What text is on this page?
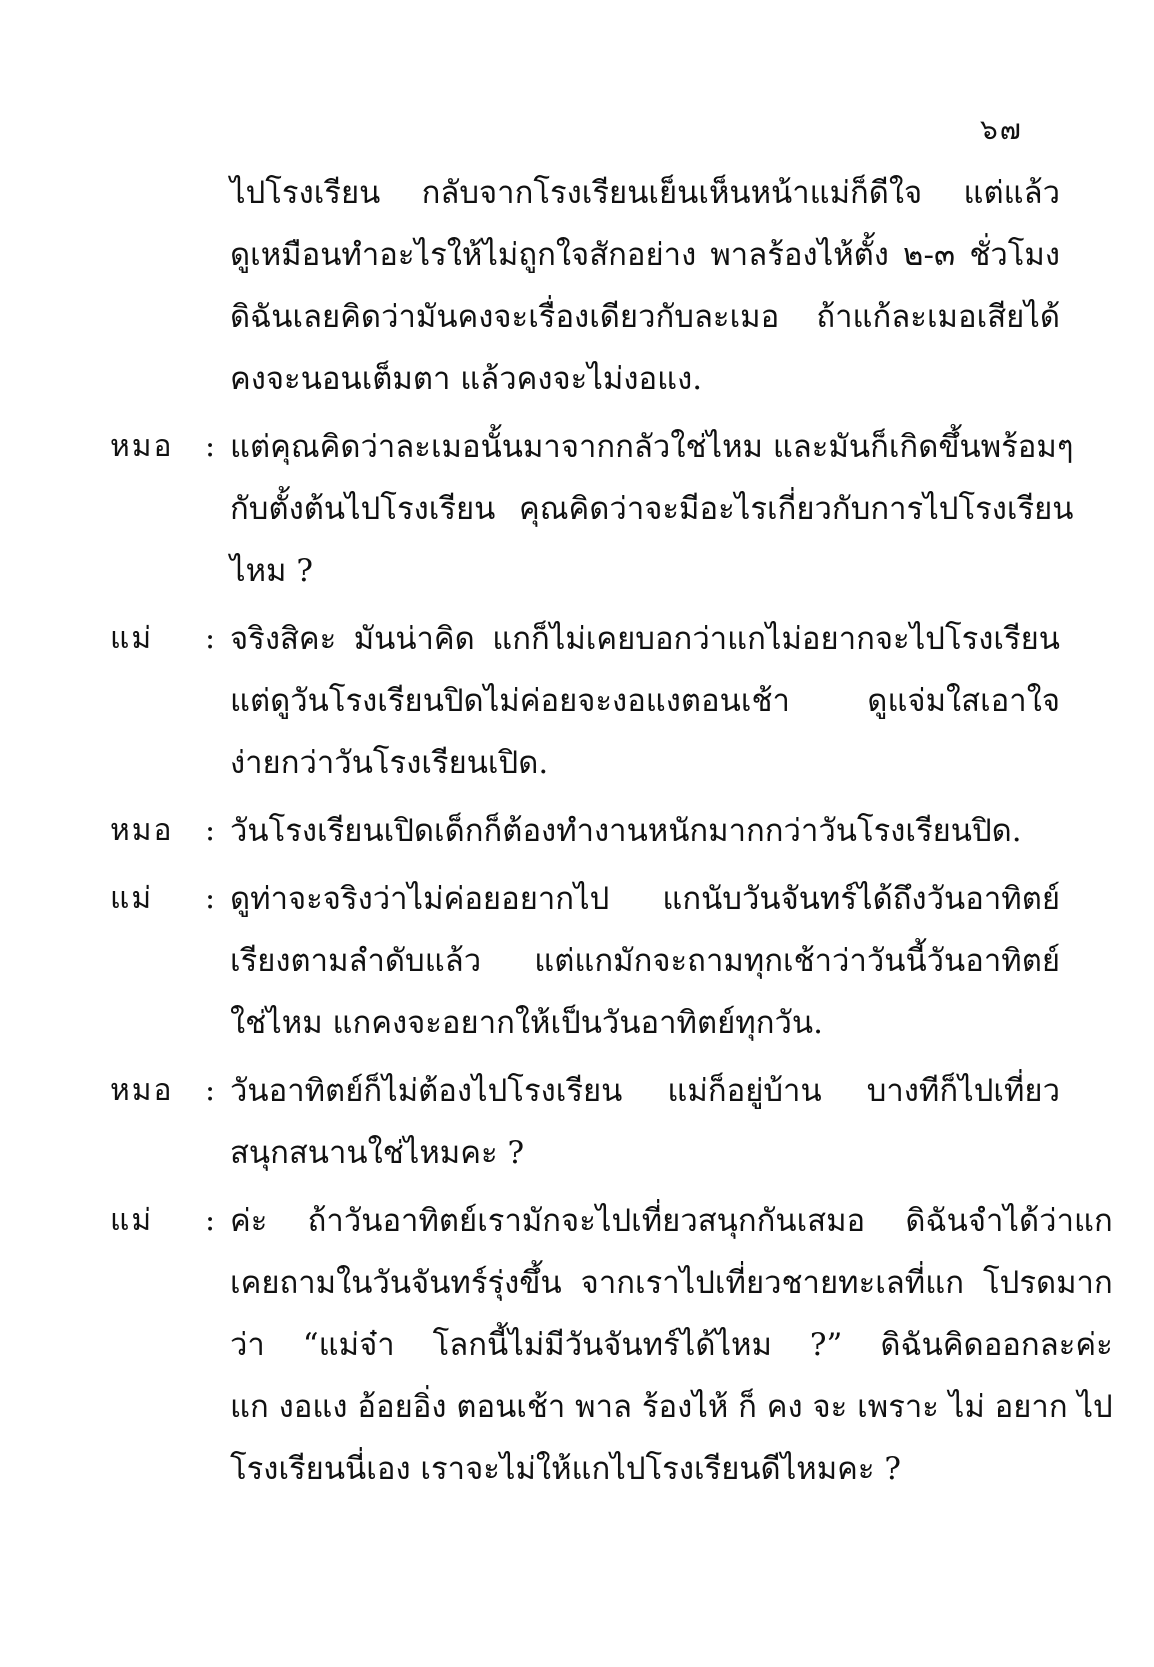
๖๗
ไปโรงเรียน กลับจากโรงเรียนเย็นเห็นหน้าแม่ก็ดีใจ แต่แล้ว
ดูเหมือนทำอะไรให้ไม่ถูกใจสักอย่าง พาลร้องไห้ตั้ง ๒-๓ ชั่วโมง
ดิฉันเลยคิดว่ามันคงจะเรื่องเดียวกับละเมอ ถ้าแก้ละเมอเสียได้
คงจะนอนเต็มตา แล้วคงจะไม่งอแง.
หมอ	: แต่คุณคิดว่าละเมอนั้นมาจากกลัวใช่ไหม และมันก็เกิดขึ้นพร้อมๆ
กับตั้งต้นไปโรงเรียน คุณคิดว่าจะมีอะไรเกี่ยวกับการไปโรงเรียน
ไหม ?
แม่	: จริงสิคะ มันน่าคิด แกก็ไม่เคยบอกว่าแกไม่อยากจะไปโรงเรียน
แต่ดูวันโรงเรียนปิดไม่ค่อยจะงอแงตอนเช้า ดูแจ่มใสเอาใจ
ง่ายกว่าวันโรงเรียนเปิด.
หมอ	: วันโรงเรียนเปิดเด็กก็ต้องทำงานหนักมากกว่าวันโรงเรียนปิด.
แม่	: ดูท่าจะจริงว่าไม่ค่อยอยากไป แกนับวันจันทร์ได้ถึงวันอาทิตย์
เรียงตามลำดับแล้ว แต่แกมักจะถามทุกเช้าว่าวันนี้วันอาทิตย์
ใช่ไหม แกคงจะอยากให้เป็นวันอาทิตย์ทุกวัน.
หมอ	: วันอาทิตย์ก็ไม่ต้องไปโรงเรียน แม่ก็อยู่บ้าน บางทีก็ไปเที่ยว
สนุกสนานใช่ไหมคะ ?
แม่	: ค่ะ ถ้าวันอาทิตย์เรามักจะไปเที่ยวสนุกกันเสมอ ดิฉันจำได้ว่าแก
เคยถามในวันจันทร์รุ่งขึ้น จากเราไปเที่ยวชายทะเลที่แก โปรดมาก
ว่า “แม่จ๋า โลกนี้ไม่มีวันจันทร์ได้ไหม ?” ดิฉันคิดออกละค่ะ
แก งอแง อ้อยอิ่ง ตอนเช้า พาล ร้องไห้ ก็ คง จะ เพราะ ไม่ อยาก ไป
โรงเรียนนี่เอง เราจะไม่ให้แกไปโรงเรียนดีไหมคะ ?
